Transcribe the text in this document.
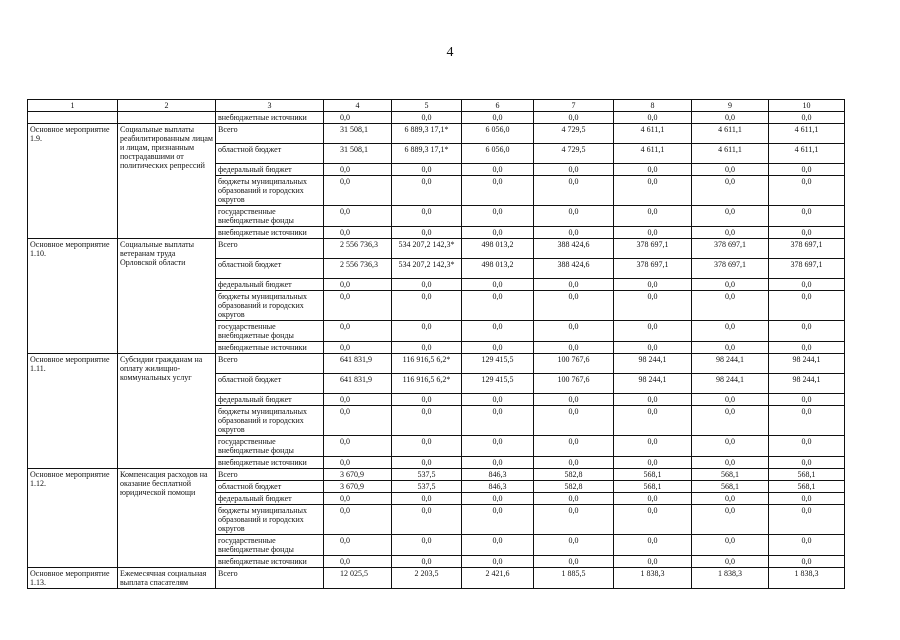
4
1	2	3	4	5	6	7	8	9	10
		внебюджетные источники	0,0	0,0	0,0	0,0	0,0	0,0	0,0
Основное мероприятие 1.9.	Социальные выплаты реабилитированным лицам и лицам, признанным пострадавшими от политических репрессий	Всего	31 508,1	6 889,3 17,1*	6 056,0	4 729,5	4 611,1	4 611,1	4 611,1
		областной бюджет	31 508,1	6 889,3 17,1*	6 056,0	4 729,5	4 611,1	4 611,1	4 611,1
		федеральный бюджет	0,0	0,0	0,0	0,0	0,0	0,0	0,0
		бюджеты муниципальных образований и городских округов	0,0	0,0	0,0	0,0	0,0	0,0	0,0
		государственные внебюджетные фонды	0,0	0,0	0,0	0,0	0,0	0,0	0,0
		внебюджетные источники	0,0	0,0	0,0	0,0	0,0	0,0	0,0
Основное мероприятие 1.10.	Социальные выплаты ветеранам труда Орловской области	Всего	2 556 736,3	534 207,2 142,3*	498 013,2	388 424,6	378 697,1	378 697,1	378 697,1
		областной бюджет	2 556 736,3	534 207,2 142,3*	498 013,2	388 424,6	378 697,1	378 697,1	378 697,1
		федеральный бюджет	0,0	0,0	0,0	0,0	0,0	0,0	0,0
		бюджеты муниципальных образований и городских округов	0,0	0,0	0,0	0,0	0,0	0,0	0,0
		государственные внебюджетные фонды	0,0	0,0	0,0	0,0	0,0	0,0	0,0
		внебюджетные источники	0,0	0,0	0,0	0,0	0,0	0,0	0,0
Основное мероприятие 1.11.	Субсидии гражданам на оплату жилищно-коммунальных услуг	Всего	641 831,9	116 916,5 6,2*	129 415,5	100 767,6	98 244,1	98 244,1	98 244,1
		областной бюджет	641 831,9	116 916,5 6,2*	129 415,5	100 767,6	98 244,1	98 244,1	98 244,1
		федеральный бюджет	0,0	0,0	0,0	0,0	0,0	0,0	0,0
		бюджеты муниципальных образований и городских округов	0,0	0,0	0,0	0,0	0,0	0,0	0,0
		государственные внебюджетные фонды	0,0	0,0	0,0	0,0	0,0	0,0	0,0
		внебюджетные источники	0,0	0,0	0,0	0,0	0,0	0,0	0,0
Основное мероприятие 1.12.	Компенсация расходов на оказание бесплатной юридической помощи	Всего	3 670,9	537,5	846,3	582,8	568,1	568,1	568,1
		областной бюджет	3 670,9	537,5	846,3	582,8	568,1	568,1	568,1
		федеральный бюджет	0,0	0,0	0,0	0,0	0,0	0,0	0,0
		бюджеты муниципальных образований и городских округов	0,0	0,0	0,0	0,0	0,0	0,0	0,0
		государственные внебюджетные фонды	0,0	0,0	0,0	0,0	0,0	0,0	0,0
		внебюджетные источники	0,0	0,0	0,0	0,0	0,0	0,0	0,0
Основное мероприятие 1.13.	Ежемесячная социальная выплата спасателям	Всего	12 025,5	2 203,5	2 421,6	1 885,5	1 838,3	1 838,3	1 838,3
